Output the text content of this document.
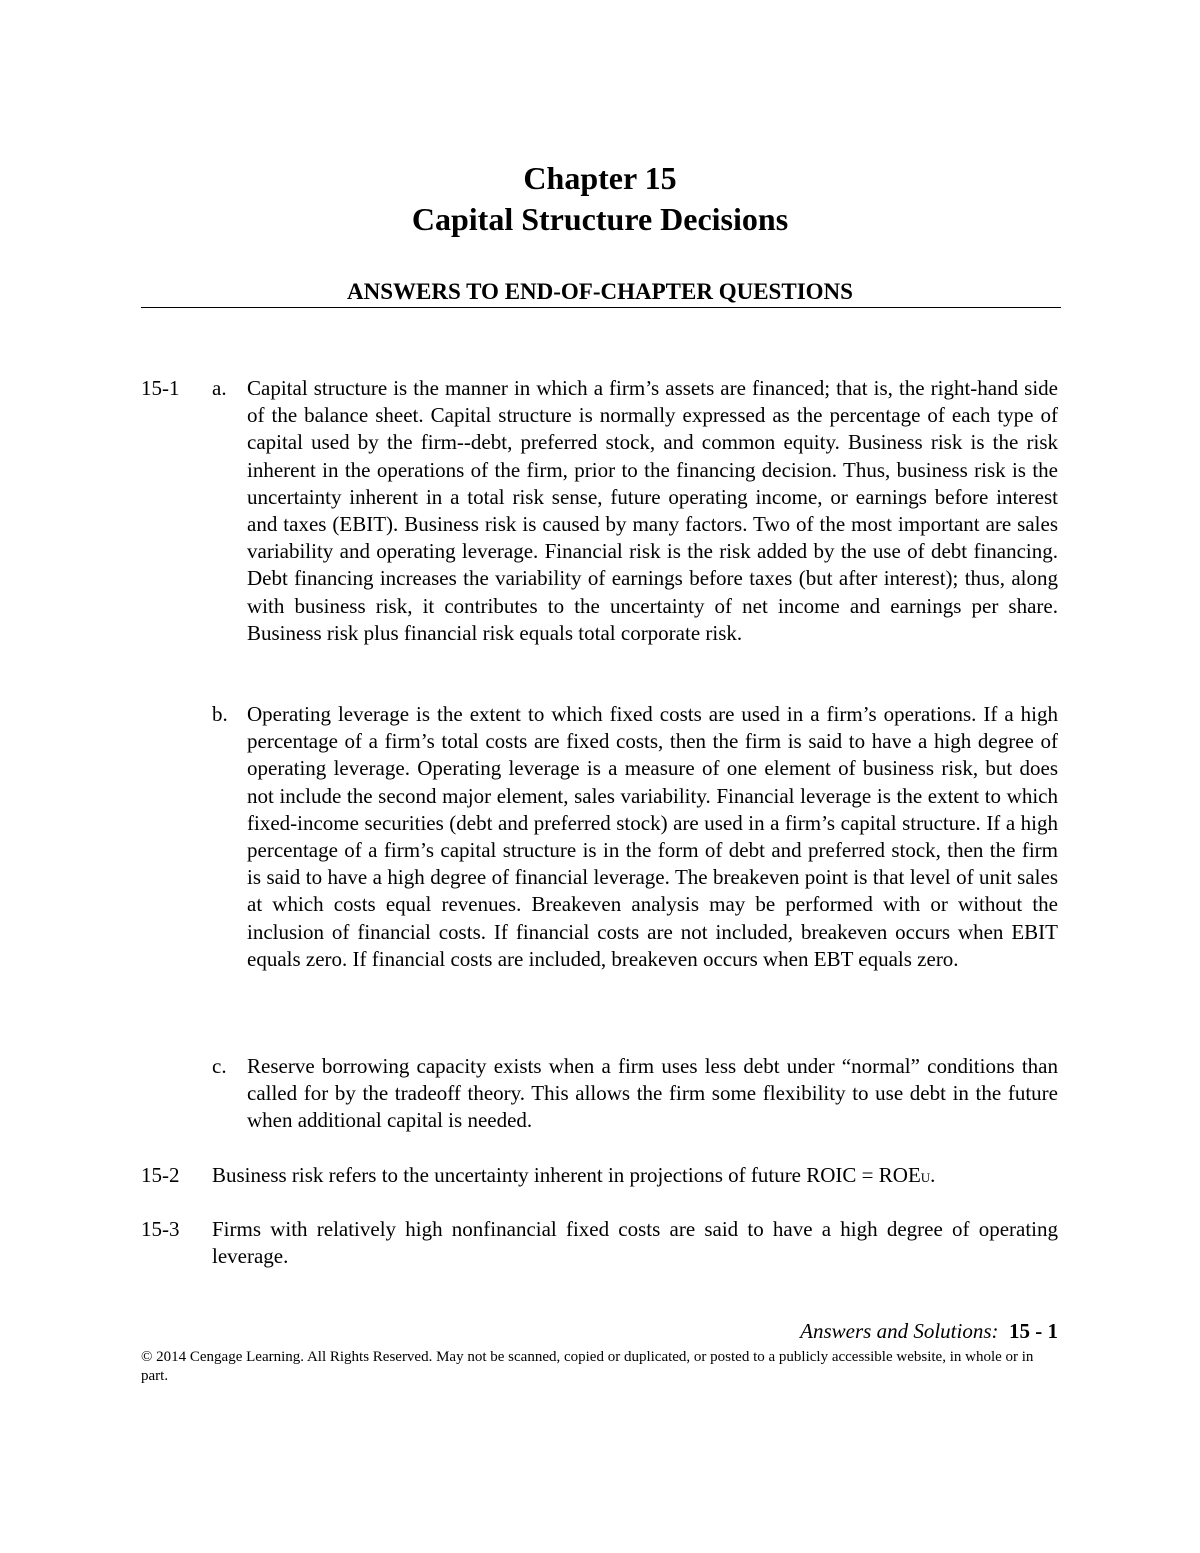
Chapter 15
Capital Structure Decisions
ANSWERS TO END-OF-CHAPTER QUESTIONS
15-1 a. Capital structure is the manner in which a firm’s assets are financed; that is, the right-hand side of the balance sheet. Capital structure is normally expressed as the percentage of each type of capital used by the firm--debt, preferred stock, and common equity. Business risk is the risk inherent in the operations of the firm, prior to the financing decision. Thus, business risk is the uncertainty inherent in a total risk sense, future operating income, or earnings before interest and taxes (EBIT). Business risk is caused by many factors. Two of the most important are sales variability and operating leverage. Financial risk is the risk added by the use of debt financing. Debt financing increases the variability of earnings before taxes (but after interest); thus, along with business risk, it contributes to the uncertainty of net income and earnings per share. Business risk plus financial risk equals total corporate risk.
b. Operating leverage is the extent to which fixed costs are used in a firm’s operations. If a high percentage of a firm’s total costs are fixed costs, then the firm is said to have a high degree of operating leverage. Operating leverage is a measure of one element of business risk, but does not include the second major element, sales variability. Financial leverage is the extent to which fixed-income securities (debt and preferred stock) are used in a firm’s capital structure. If a high percentage of a firm’s capital structure is in the form of debt and preferred stock, then the firm is said to have a high degree of financial leverage. The breakeven point is that level of unit sales at which costs equal revenues. Breakeven analysis may be performed with or without the inclusion of financial costs. If financial costs are not included, breakeven occurs when EBIT equals zero. If financial costs are included, breakeven occurs when EBT equals zero.
c. Reserve borrowing capacity exists when a firm uses less debt under “normal” conditions than called for by the tradeoff theory. This allows the firm some flexibility to use debt in the future when additional capital is needed.
15-2 Business risk refers to the uncertainty inherent in projections of future ROIC = ROEU.
15-3 Firms with relatively high nonfinancial fixed costs are said to have a high degree of operating leverage.
Answers and Solutions: 15 - 1
© 2014 Cengage Learning. All Rights Reserved. May not be scanned, copied or duplicated, or posted to a publicly accessible website, in whole or in part.
